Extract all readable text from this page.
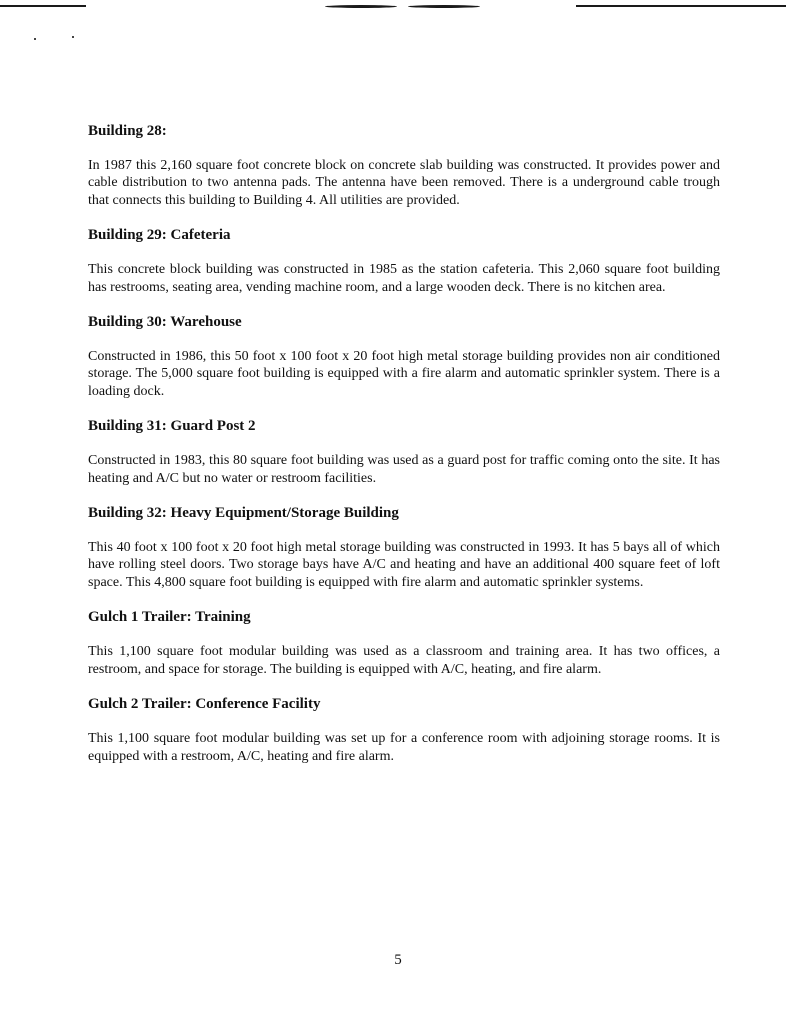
Building 28:

In 1987 this 2,160 square foot concrete block on concrete slab building was constructed. It provides power and cable distribution to two antenna pads. The antenna have been removed. There is a underground cable trough that connects this building to Building 4. All utilities are provided.

Building 29: Cafeteria

This concrete block building was constructed in 1985 as the station cafeteria. This 2,060 square foot building has restrooms, seating area, vending machine room, and a large wooden deck. There is no kitchen area.

Building 30: Warehouse

Constructed in 1986, this 50 foot x 100 foot x 20 foot high metal storage building provides non air conditioned storage. The 5,000 square foot building is equipped with a fire alarm and automatic sprinkler system. There is a loading dock.

Building 31: Guard Post 2

Constructed in 1983, this 80 square foot building was used as a guard post for traffic coming onto the site. It has heating and A/C but no water or restroom facilities.

Building 32: Heavy Equipment/Storage Building

This 40 foot x 100 foot x 20 foot high metal storage building was constructed in 1993. It has 5 bays all of which have rolling steel doors. Two storage bays have A/C and heating and have an additional 400 square feet of loft space. This 4,800 square foot building is equipped with fire alarm and automatic sprinkler systems.

Gulch 1 Trailer: Training

This 1,100 square foot modular building was used as a classroom and training area. It has two offices, a restroom, and space for storage. The building is equipped with A/C, heating, and fire alarm.

Gulch 2 Trailer: Conference Facility

This 1,100 square foot modular building was set up for a conference room with adjoining storage rooms. It is equipped with a restroom, A/C, heating and fire alarm.

5
